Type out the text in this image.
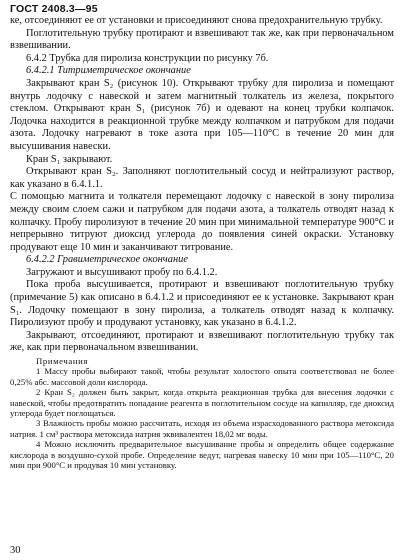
ГОСТ 2408.3—95

ке, отсоединяют ее от установки и присоединяют снова предохранительную трубку.

Поглотительную трубку протирают и взвешивают так же, как при первоначальном взвешивании.

6.4.2 Трубка для пиролиза конструкции по рисунку 7б.

6.4.2.1 Титриметрическое окончание

Закрывают кран S₂ (рисунок 10). Открывают трубку для пиролиза и помещают внутрь лодочку с навеской и затем магнитный толкатель из железа, покрытого стеклом. Открывают кран S₁ (рисунок 7б) и одевают на конец трубки колпачок. Лодочка находится в реакционной трубке между колпачком и патрубком для подачи азота. Лодочку нагревают в токе азота при 105—110°С в течение 20 мин для высушивания навески.

Кран S₁ закрывают.

Открывают кран S₂. Заполняют поглотительный сосуд и нейтрализуют раствор, как указано в 6.4.1.1.

С помощью магнита и толкателя перемещают лодочку с навеской в зону пиролиза между своим слоем сажи и патрубком для подачи азота, а толкатель отводят назад к колпачку. Пробу пиролизуют в течение 20 мин при минимальной температуре 900°С и непрерывно титруют диоксид углерода до появления синей окраски. Установку продувают еще 10 мин и заканчивают титрование.

6.4.2.2 Гравиметрическое окончание

Загружают и высушивают пробу по 6.4.1.2.

Пока проба высушивается, протирают и взвешивают поглотительную трубку (примечание 5) как описано в 6.4.1.2 и присоединяют ее к установке. Закрывают кран S₁. Лодочку помещают в зону пиролиза, а толкатель отводят назад к колпачку. Пиролизуют пробу и продувают установку, как указано в 6.4.1.2.

Закрывают, отсоединяют, протирают и взвешивают поглотительную трубку так же, как при первоначальном взвешивании.

Примечания

1 Массу пробы выбирают такой, чтобы результат холостого опыта соответствовал не более 0,25% абс. массовой доли кислорода.

2 Кран S₂ должен быть закрыт, когда открыта реакционная трубка для внесения лодочки с навеской, чтобы предотвратить попадание реагента в поглотительном сосуде на капилляр, где диоксид углерода будет поглощаться.

3 Влажность пробы можно рассчитать, исходя из объема израсходованного раствора метоксида натрия. 1 см³ раствора метоксида натрия эквивалентен 18,02 мг воды.

4 Можно исключить предварительное высушивание пробы и определить общее содержание кислорода в воздушно-сухой пробе. Определение ведут, нагревая навеску 10 мин при 105—110°С, 20 мин при 900°С и продувая 10 мин установку.

30
